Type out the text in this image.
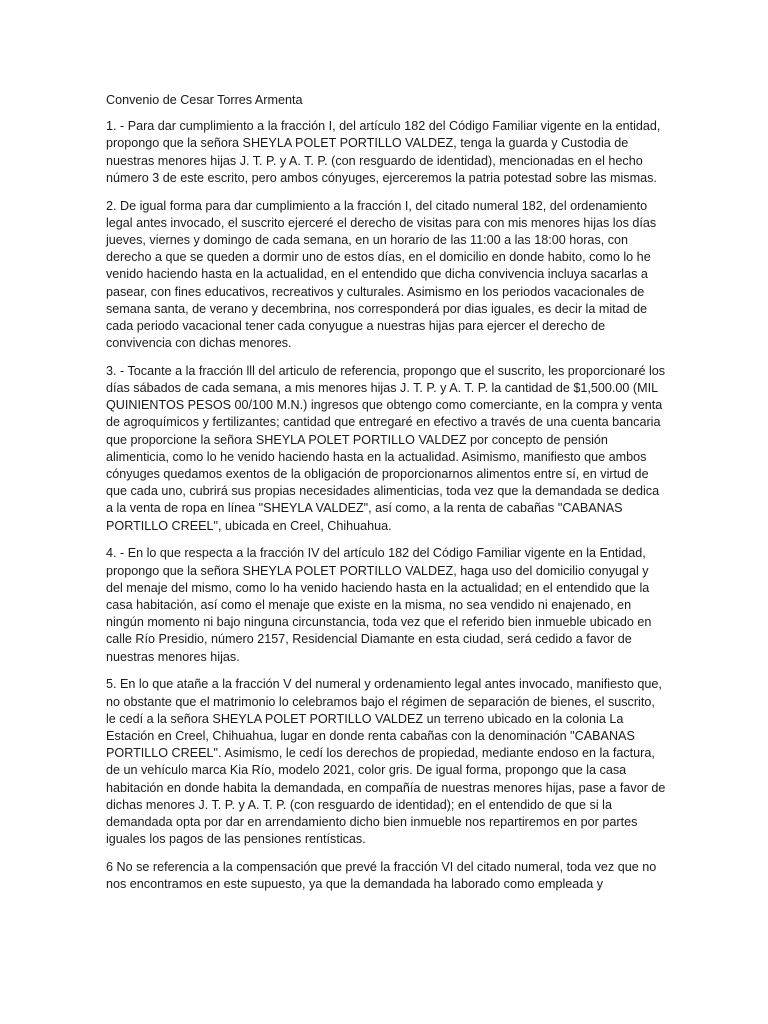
Convenio de Cesar Torres Armenta

1. - Para dar cumplimiento a la fracción I, del artículo 182 del Código Familiar vigente en la entidad, propongo que la señora SHEYLA POLET PORTILLO VALDEZ, tenga la guarda y Custodia de nuestras menores hijas J. T. P. y A. T. P. (con resguardo de identidad), mencionadas en el hecho número 3 de este escrito, pero ambos cónyuges, ejerceremos la patria potestad sobre las mismas.

2. De igual forma para dar cumplimiento a la fracción I, del citado numeral 182, del ordenamiento legal antes invocado, el suscrito ejerceré el derecho de visitas para con mis menores hijas los días jueves, viernes y domingo de cada semana, en un horario de las 11:00 a las 18:00 horas, con derecho a que se queden a dormir uno de estos días, en el domicilio en donde habito, como lo he venido haciendo hasta en la actualidad, en el entendido que dicha convivencia incluya sacarlas a pasear, con fines educativos, recreativos y culturales. Asimismo en los periodos vacacionales de semana santa, de verano y decembrina, nos corresponderá por dias iguales, es decir la mitad de cada periodo vacacional tener cada conyugue a nuestras hijas para ejercer el derecho de convivencia con dichas menores.

3. - Tocante a la fracción lll del articulo de referencia, propongo que el suscrito, les proporcionaré los días sábados de cada semana, a mis menores hijas J. T. P. y A. T. P. la cantidad de $1,500.00 (MIL QUINIENTOS PESOS 00/100 M.N.) ingresos que obtengo como comerciante, en la compra y venta de agroquímicos y fertilizantes; cantidad que entregaré en efectivo a través de una cuenta bancaria que proporcione la señora SHEYLA POLET PORTILLO VALDEZ por concepto de pensión alimenticia, como lo he venido haciendo hasta en la actualidad. Asimismo, manifiesto que ambos cónyuges quedamos exentos de la obligación de proporcionarnos alimentos entre sí, en virtud de que cada uno, cubrirá sus propias necesidades alimenticias, toda vez que la demandada se dedica a la venta de ropa en línea "SHEYLA VALDEZ", así como, a la renta de cabañas "CABANAS PORTILLO CREEL", ubicada en Creel, Chihuahua.

4. - En lo que respecta a la fracción IV del artículo 182 del Código Familiar vigente en la Entidad, propongo que la señora SHEYLA POLET PORTILLO VALDEZ, haga uso del domicilio conyugal y del menaje del mismo, como lo ha venido haciendo hasta en la actualidad; en el entendido que la casa habitación, así como el menaje que existe en la misma, no sea vendido ni enajenado, en ningún momento ni bajo ninguna circunstancia, toda vez que el referido bien inmueble ubicado en calle Río Presidio, número 2157, Residencial Diamante en esta ciudad, será cedido a favor de nuestras menores hijas.

5. En lo que atañe a la fracción V del numeral y ordenamiento legal antes invocado, manifiesto que, no obstante que el matrimonio lo celebramos bajo el régimen de separación de bienes, el suscrito, le cedí a la señora SHEYLA POLET PORTILLO VALDEZ un terreno ubicado en la colonia La Estación en Creel, Chihuahua, lugar en donde renta cabañas con la denominación "CABANAS PORTILLO CREEL". Asimismo, le cedí los derechos de propiedad, mediante endoso en la factura, de un vehículo marca Kia Río, modelo 2021, color gris. De igual forma, propongo que la casa habitación en donde habita la demandada, en compañía de nuestras menores hijas, pase a favor de dichas menores J. T. P. y A. T. P. (con resguardo de identidad); en el entendido de que si la demandada opta por dar en arrendamiento dicho bien inmueble nos repartiremos en por partes iguales los pagos de las pensiones rentísticas.

6 No se referencia a la compensación que prevé la fracción VI del citado numeral, toda vez que no nos encontramos en este supuesto, ya que la demandada ha laborado como empleada y
